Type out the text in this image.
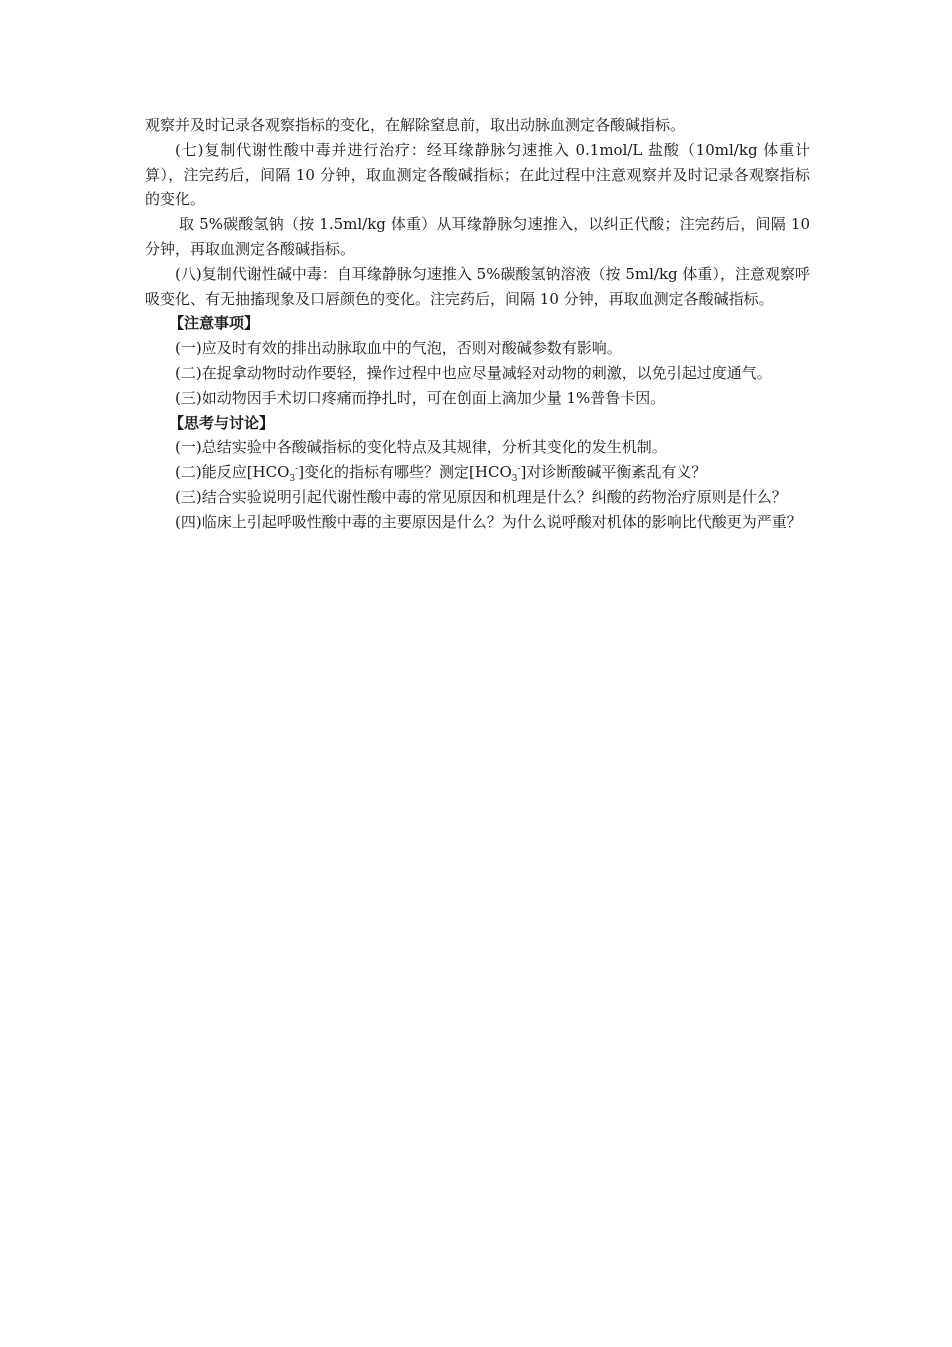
观察并及时记录各观察指标的变化，在解除窒息前，取出动脉血测定各酸碱指标。

(七)复制代谢性酸中毒并进行治疗：经耳缘静脉匀速推入 0.1mol/L 盐酸（10ml/kg 体重计算），注完药后，间隔 10 分钟，取血测定各酸碱指标；在此过程中注意观察并及时记录各观察指标的变化。

取 5%碳酸氢钠（按 1.5ml/kg 体重）从耳缘静脉匀速推入，以纠正代酸；注完药后，间隔 10 分钟，再取血测定各酸碱指标。

(八)复制代谢性碱中毒：自耳缘静脉匀速推入 5%碳酸氢钠溶液（按 5ml/kg 体重），注意观察呼吸变化、有无抽搐现象及口唇颜色的变化。注完药后，间隔 10 分钟，再取血测定各酸碱指标。

【注意事项】

(一)应及时有效的排出动脉取血中的气泡，否则对酸碱参数有影响。

(二)在捉拿动物时动作要轻，操作过程中也应尽量减轻对动物的刺激，以免引起过度通气。

(三)如动物因手术切口疼痛而挣扎时，可在创面上滴加少量 1%普鲁卡因。

【思考与讨论】

(一)总结实验中各酸碱指标的变化特点及其规律，分析其变化的发生机制。

(二)能反应$[HCO_3^-]$变化的指标有哪些？测定$[HCO_3^-]$对诊断酸碱平衡紊乱有义？

(三)结合实验说明引起代谢性酸中毒的常见原因和机理是什么？纠酸的药物治疗原则是什么？

(四)临床上引起呼吸性酸中毒的主要原因是什么？为什么说呼酸对机体的影响比代酸更为严重？
